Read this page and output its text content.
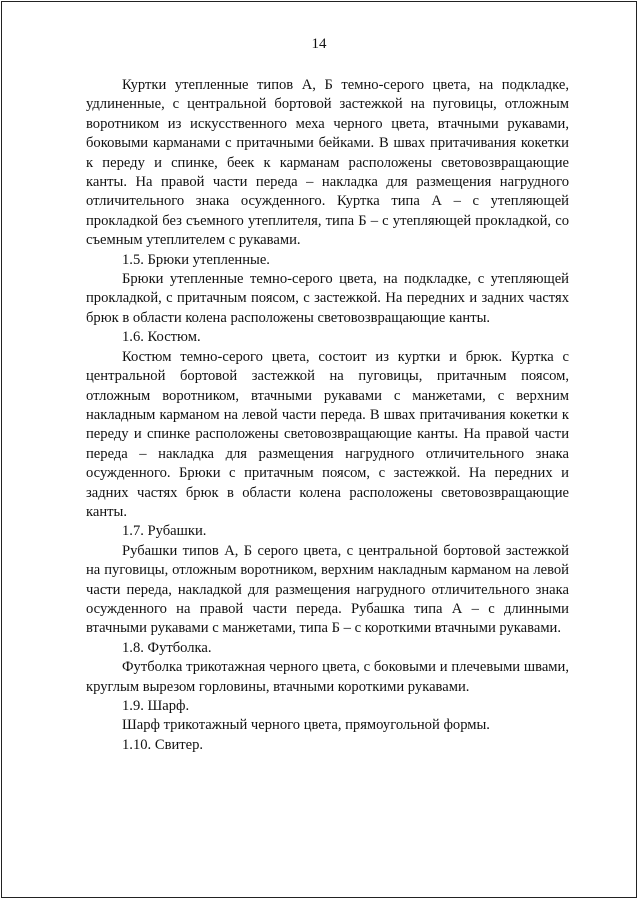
14

Куртки утепленные типов А, Б темно-серого цвета, на подкладке, удлиненные, с центральной бортовой застежкой на пуговицы, отложным воротником из искусственного меха черного цвета, втачными рукавами, боковыми карманами с притачными бейками. В швах притачивания кокетки к переду и спинке, беек к карманам расположены световозвращающие канты. На правой части переда – накладка для размещения нагрудного отличительного знака осужденного. Куртка типа А – с утепляющей прокладкой без съемного утеплителя, типа Б – с утепляющей прокладкой, со съемным утеплителем с рукавами.

1.5. Брюки утепленные.

Брюки утепленные темно-серого цвета, на подкладке, с утепляющей прокладкой, с притачным поясом, с застежкой. На передних и задних частях брюк в области колена расположены световозвращающие канты.

1.6. Костюм.

Костюм темно-серого цвета, состоит из куртки и брюк. Куртка с центральной бортовой застежкой на пуговицы, притачным поясом, отложным воротником, втачными рукавами с манжетами, с верхним накладным карманом на левой части переда. В швах притачивания кокетки к переду и спинке расположены световозвращающие канты. На правой части переда – накладка для размещения нагрудного отличительного знака осужденного. Брюки с притачным поясом, с застежкой. На передних и задних частях брюк в области колена расположены световозвращающие канты.

1.7. Рубашки.

Рубашки типов А, Б серого цвета, с центральной бортовой застежкой на пуговицы, отложным воротником, верхним накладным карманом на левой части переда, накладкой для размещения нагрудного отличительного знака осужденного на правой части переда. Рубашка типа А – с длинными втачными рукавами с манжетами, типа Б – с короткими втачными рукавами.

1.8. Футболка.

Футболка трикотажная черного цвета, с боковыми и плечевыми швами, круглым вырезом горловины, втачными короткими рукавами.

1.9. Шарф.

Шарф трикотажный черного цвета, прямоугольной формы.

1.10. Свитер.
